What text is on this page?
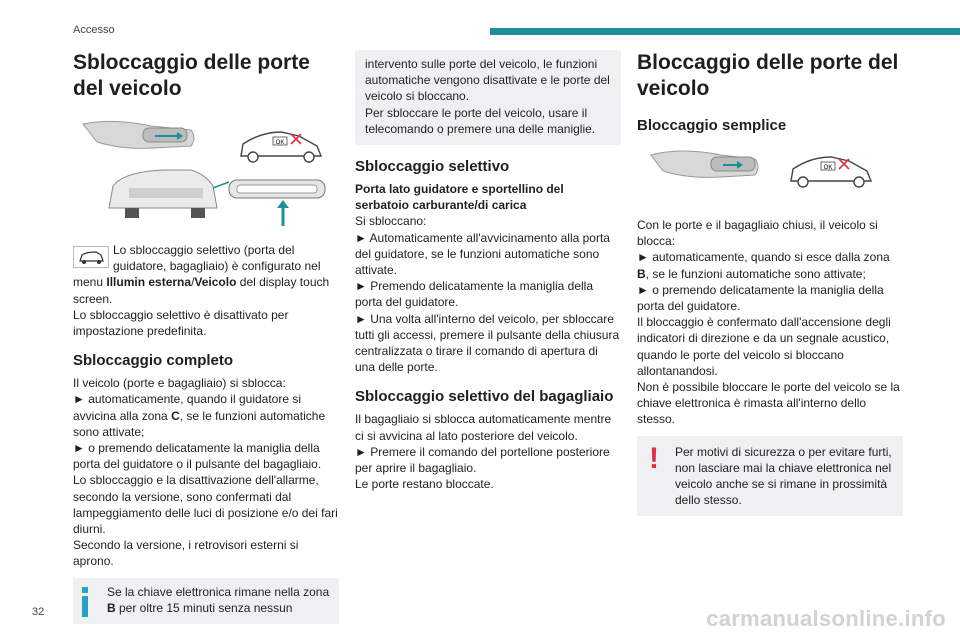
Accesso
Sbloccaggio delle porte del veicolo
OK

Lo sbloccaggio selettivo (porta del guidatore, bagagliaio) è configurato nel menu Illumin esterna/Veicolo del display touch screen.

Lo sbloccaggio selettivo è disattivato per impostazione predefinita.

Sbloccaggio completo

Il veicolo (porte e bagagliaio) si sblocca:

► automaticamente, quando il guidatore si avvicina alla zona C, se le funzioni automatiche sono attivate;

► o premendo delicatamente la maniglia della porta del guidatore o il pulsante del bagagliaio.

Lo sbloccaggio e la disattivazione dell'allarme, secondo la versione, sono confermati dal lampeggiamento delle luci di posizione e/o dei fari diurni.

Secondo la versione, i retrovisori esterni si aprono.

Se la chiave elettronica rimane nella zona B per oltre 15 minuti senza nessun

intervento sulle porte del veicolo, le funzioni automatiche vengono disattivate e le porte del veicolo si bloccano.

Per sbloccare le porte del veicolo, usare il telecomando o premere una delle maniglie.

Sbloccaggio selettivo

Porta lato guidatore e sportellino del serbatoio carburante/di carica

Si sbloccano:

► Automaticamente all'avvicinamento alla porta del guidatore, se le funzioni automatiche sono attivate.

► Premendo delicatamente la maniglia della porta del guidatore.

► Una volta all'interno del veicolo, per sbloccare tutti gli accessi, premere il pulsante della chiusura centralizzata o tirare il comando di apertura di una delle porte.

Sbloccaggio selettivo del bagagliaio

Il bagagliaio si sblocca automaticamente mentre ci si avvicina al lato posteriore del veicolo.

► Premere il comando del portellone posteriore per aprire il bagagliaio.

Le porte restano bloccate.

Bloccaggio delle porte del veicolo
Bloccaggio semplice
OK

Con le porte e il bagagliaio chiusi, il veicolo si blocca:

► automaticamente, quando si esce dalla zona B, se le funzioni automatiche sono attivate;

► o premendo delicatamente la maniglia della porta del guidatore.

Il bloccaggio è confermato dall'accensione degli indicatori di direzione e da un segnale acustico, quando le porte del veicolo si bloccano allontanandosi.

Non è possibile bloccare le porte del veicolo se la chiave elettronica è rimasta all'interno dello stesso.

! Per motivi di sicurezza o per evitare furti, non lasciare mai la chiave elettronica nel veicolo anche se si rimane in prossimità dello stesso.
32	carmanualsonline.info
